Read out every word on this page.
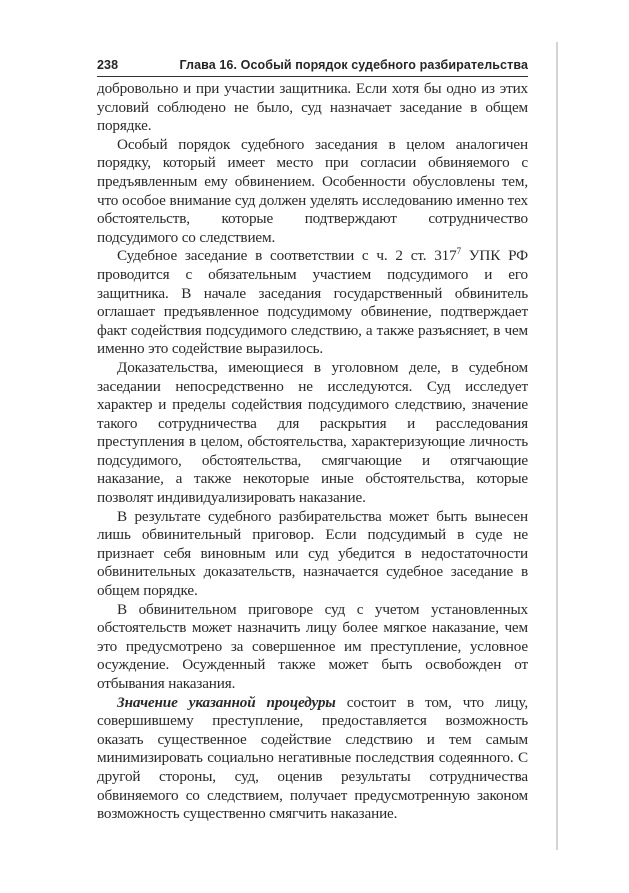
238	Глава 16. Особый порядок судебного разбирательства

добровольно и при участии защитника. Если хотя бы одно из этих условий соблюдено не было, суд назначает заседание в общем порядке.

Особый порядок судебного заседания в целом аналогичен порядку, который имеет место при согласии обвиняемого с предъявленным ему обвинением. Особенности обусловлены тем, что особое внимание суд должен уделять исследованию именно тех обстоятельств, которые подтверждают сотрудничество подсудимого со следствием.

Судебное заседание в соответствии с ч. 2 ст. $317^7$ УПК РФ проводится с обязательным участием подсудимого и его защитника. В начале заседания государственный обвинитель оглашает предъявленное подсудимому обвинение, подтверждает факт содействия подсудимого следствию, а также разъясняет, в чем именно это содействие выразилось.

Доказательства, имеющиеся в уголовном деле, в судебном заседании непосредственно не исследуются. Суд исследует характер и пределы содействия подсудимого следствию, значение такого сотрудничества для раскрытия и расследования преступления в целом, обстоятельства, характеризующие личность подсудимого, обстоятельства, смягчающие и отягчающие наказание, а также некоторые иные обстоятельства, которые позволят индивидуализировать наказание.

В результате судебного разбирательства может быть вынесен лишь обвинительный приговор. Если подсудимый в суде не признает себя виновным или суд убедится в недостаточности обвинительных доказательств, назначается судебное заседание в общем порядке.

В обвинительном приговоре суд с учетом установленных обстоятельств может назначить лицу более мягкое наказание, чем это предусмотрено за совершенное им преступление, условное осуждение. Осужденный также может быть освобожден от отбывания наказания.

Значение указанной процедуры состоит в том, что лицу, совершившему преступление, предоставляется возможность оказать существенное содействие следствию и тем самым минимизировать социально негативные последствия содеянного. С другой стороны, суд, оценив результаты сотрудничества обвиняемого со следствием, получает предусмотренную законом возможность существенно смягчить наказание.
